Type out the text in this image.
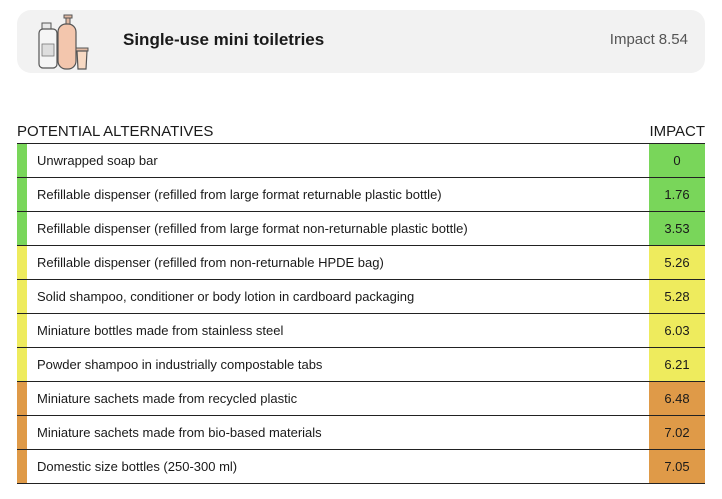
Single-use mini toiletries	Impact 8.54
POTENTIAL ALTERNATIVES	IMPACT
Unwrapped soap bar	0
Refillable dispenser (refilled from large format returnable plastic bottle)	1.76
Refillable dispenser (refilled from large format non-returnable plastic bottle)	3.53
Refillable dispenser (refilled from non-returnable HPDE bag)	5.26
Solid shampoo, conditioner or body lotion in cardboard packaging	5.28
Miniature bottles made from stainless steel	6.03
Powder shampoo in industrially compostable tabs	6.21
Miniature sachets made from recycled plastic	6.48
Miniature sachets made from bio-based materials	7.02
Domestic size bottles (250-300 ml)	7.05
